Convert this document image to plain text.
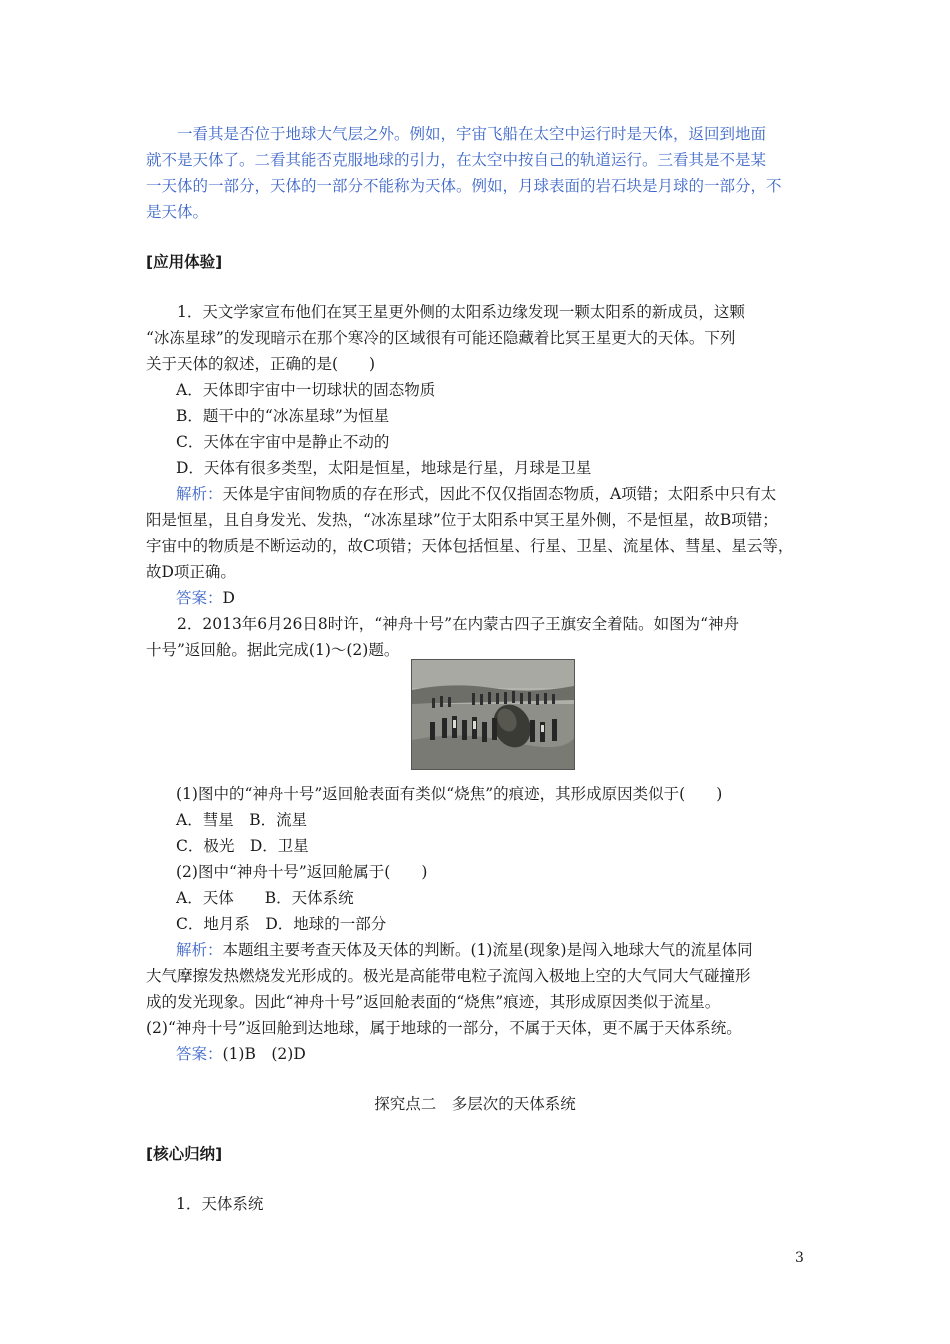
一看其是否位于地球大气层之外。例如，宇宙飞船在太空中运行时是天体，返回到地面

就不是天体了。二看其能否克服地球的引力，在太空中按自己的轨道运行。三看其是不是某

一天体的一部分，天体的一部分不能称为天体。例如，月球表面的岩石块是月球的一部分，不

是天体。

[应用体验]

1．天文学家宣布他们在冥王星更外侧的太阳系边缘发现一颗太阳系的新成员，这颗

“冰冻星球”的发现暗示在那个寒冷的区域很有可能还隐藏着比冥王星更大的天体。下列

关于天体的叙述，正确的是(　　)

A．天体即宇宙中一切球状的固态物质

B．题干中的“冰冻星球”为恒星

C．天体在宇宙中是静止不动的

D．天体有很多类型，太阳是恒星，地球是行星，月球是卫星

解析：天体是宇宙间物质的存在形式，因此不仅仅指固态物质，A项错；太阳系中只有太

阳是恒星，且自身发光、发热，“冰冻星球”位于太阳系中冥王星外侧，不是恒星，故B项错；

宇宙中的物质是不断运动的，故C项错；天体包括恒星、行星、卫星、流星体、彗星、星云等，

故D项正确。

答案：D

2．2013年6月26日8时许，“神舟十号”在内蒙古四子王旗安全着陆。如图为“神舟

十号”返回舱。据此完成(1)～(2)题。

(1)图中的“神舟十号”返回舱表面有类似“烧焦”的痕迹，其形成原因类似于(　　)

A．彗星　B．流星

C．极光　D．卫星

(2)图中“神舟十号”返回舱属于(　　)

A．天体　　B．天体系统

C．地月系　D．地球的一部分

解析：本题组主要考查天体及天体的判断。(1)流星(现象)是闯入地球大气的流星体同

大气摩擦发热燃烧发光形成的。极光是高能带电粒子流闯入极地上空的大气同大气碰撞形

成的发光现象。因此“神舟十号”返回舱表面的“烧焦”痕迹，其形成原因类似于流星。

(2)“神舟十号”返回舱到达地球，属于地球的一部分，不属于天体，更不属于天体系统。

答案：(1)B　(2)D

探究点二　多层次的天体系统
[核心归纳]

1．天体系统

3
